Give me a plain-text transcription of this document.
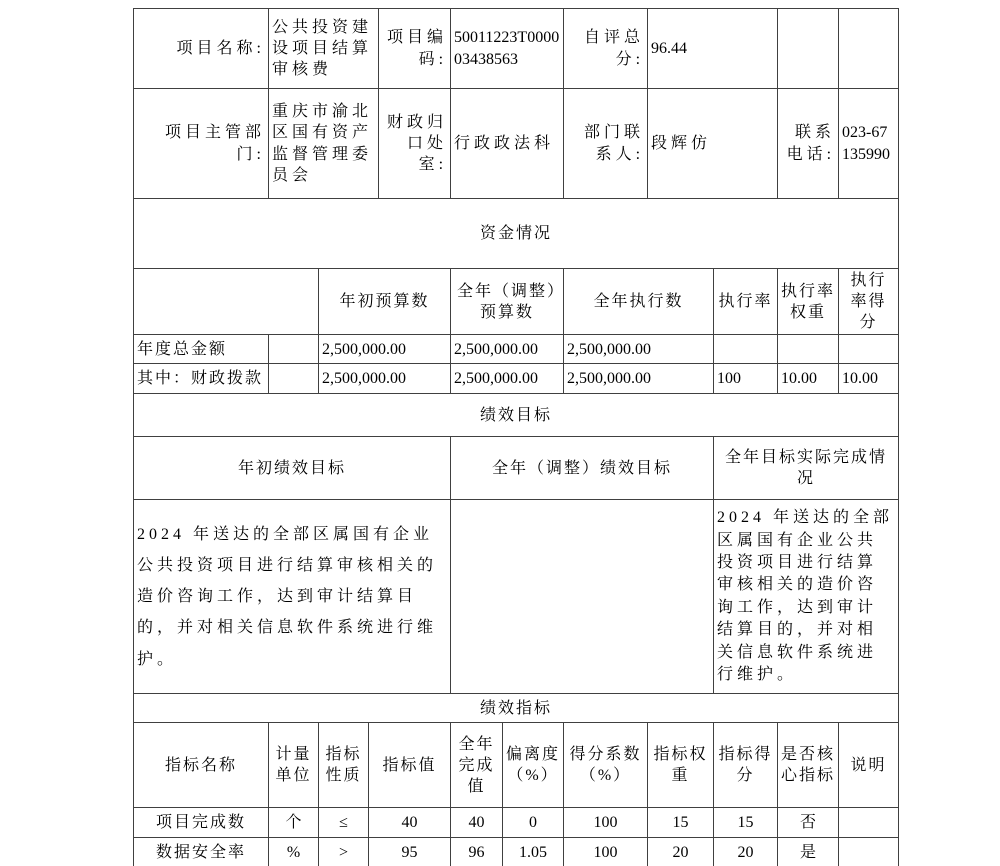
项目名称:	公共投资建设项目结算审核费			项目编码:	50011223T000003438563		自评总分:	96.44			
项目主管部门:	重庆市渝北区国有资产监督管理委员会			财政归口处室:	行政政法科		部门联系人:	段辉仿		联系电话:	023-67135990
资金情况											
		年初预算数			全年（调整）预算数		全年执行数		执行率	执行率权重	执行率得分
年度总金额		2,500,000.00			2,500,000.00		2,500,000.00				
其中：财政拨款		2,500,000.00			2,500,000.00		2,500,000.00		100	10.00	10.00
绩效目标											
年初绩效目标					全年（调整）绩效目标				全年目标实际完成情况		
2024 年送达的全部区属国有企业公共投资项目进行结算审核相关的造价咨询工作，达到审计结算目的，并对相关信息软件系统进行维护。									2024 年送达的全部区属国有企业公共投资项目进行结算审核相关的造价咨询工作，达到审计结算目的，并对相关信息软件系统进行维护。		
绩效指标											
指标名称	计量单位	指标性质	指标值		全年完成值	偏离度（%）	得分系数（%）	指标权重	指标得分	是否核心指标	说明
项目完成数	个	≤	40		40	0	100	15	15	否	
数据安全率	%	>	95		96	1.05	100	20	20	是	
